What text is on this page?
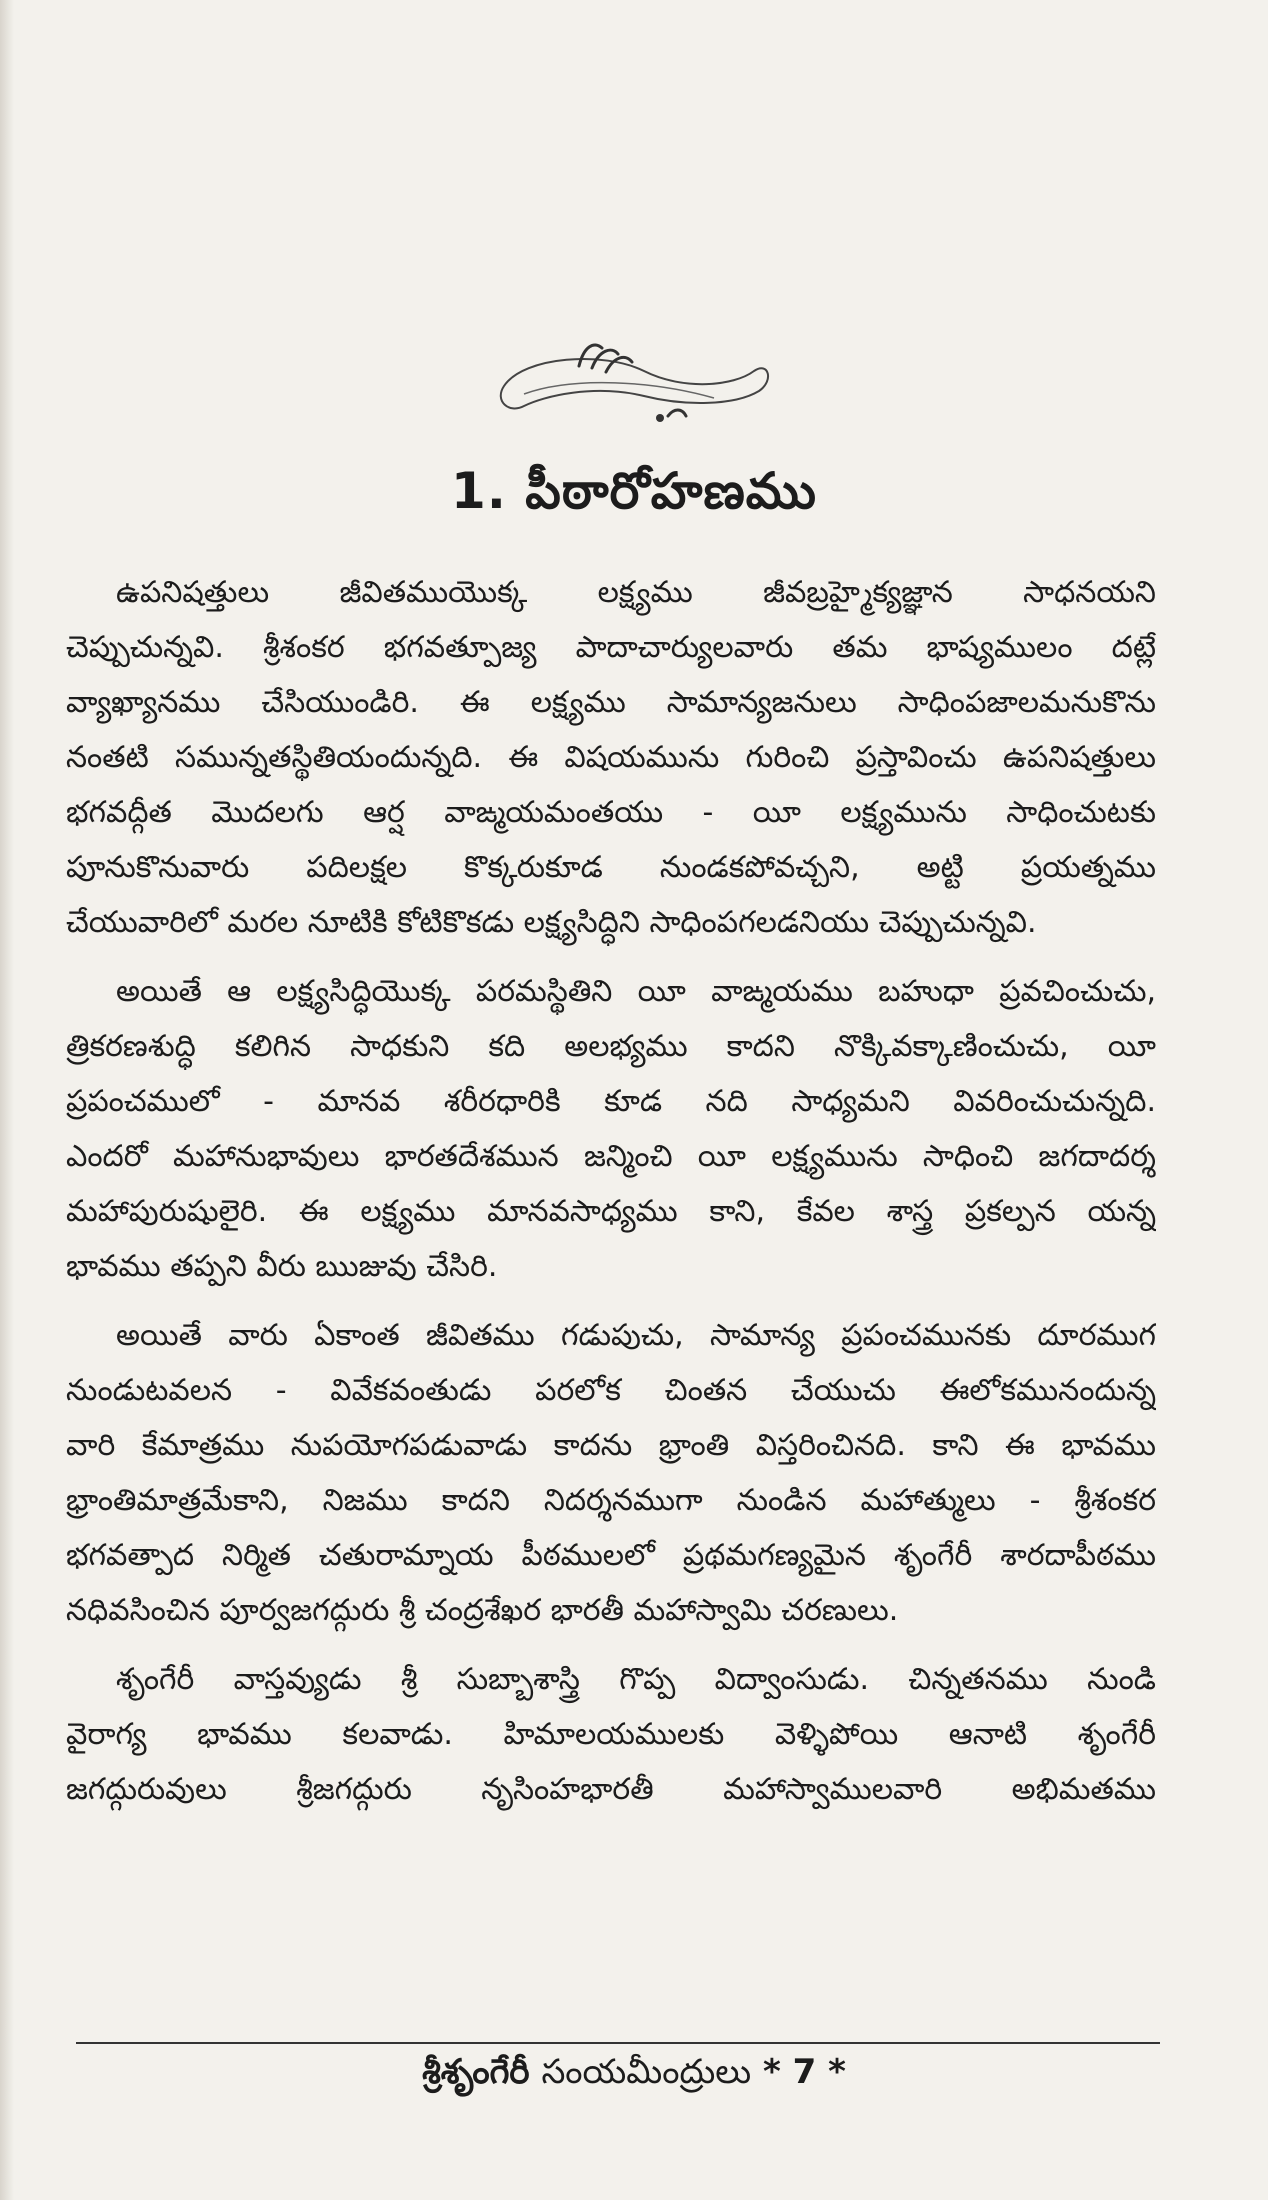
1. పీఠారోహణము
ఉపనిషత్తులు జీవితముయొక్క లక్ష్యము జీవబ్రహ్మైక్యజ్ఞాన సాధనయని
చెప్పుచున్నవి. శ్రీశంకర భగవత్పూజ్య పాదాచార్యులవారు తమ భాష్యములం దట్లే
వ్యాఖ్యానము చేసియుండిరి. ఈ లక్ష్యము సామాన్యజనులు సాధింపజాలమనుకొను
నంతటి సమున్నతస్థితియందున్నది. ఈ విషయమును గురించి ప్రస్తావించు ఉపనిషత్తులు
భగవద్గీత మొదలగు ఆర్ష వాఙ్మయమంతయు - యీ లక్ష్యమును సాధించుటకు
పూనుకొనువారు పదిలక్షల కొక్కరుకూడ నుండకపోవచ్చని, అట్టి ప్రయత్నము
చేయువారిలో మరల నూటికి కోటికొకడు లక్ష్యసిద్ధిని సాధింపగలడనియు చెప్పుచున్నవి.
అయితే ఆ లక్ష్యసిద్ధియొక్క పరమస్థితిని యీ వాఙ్మయము బహుధా ప్రవచించుచు,
త్రికరణశుద్ధి కలిగిన సాధకుని కది అలభ్యము కాదని నొక్కివక్కాణించుచు, యీ
ప్రపంచములో - మానవ శరీరధారికి కూడ నది సాధ్యమని వివరించుచున్నది.
ఎందరో మహానుభావులు భారతదేశమున జన్మించి యీ లక్ష్యమును సాధించి జగదాదర్శ
మహాపురుషులైరి. ఈ లక్ష్యము మానవసాధ్యము కాని, కేవల శాస్త్ర ప్రకల్పన యన్న
భావము తప్పని వీరు ఋజువు చేసిరి.
అయితే వారు ఏకాంత జీవితము గడుపుచు, సామాన్య ప్రపంచమునకు దూరముగ
నుండుటవలన - వివేకవంతుడు పరలోక చింతన చేయుచు ఈలోకమునందున్న
వారి కేమాత్రము నుపయోగపడువాడు కాదను భ్రాంతి విస్తరించినది. కాని ఈ భావము
భ్రాంతిమాత్రమేకాని, నిజము కాదని నిదర్శనముగా నుండిన మహాత్ములు - శ్రీశంకర
భగవత్పాద నిర్మిత చతురామ్నాయ పీఠములలో ప్రథమగణ్యమైన శృంగేరీ శారదాపీఠము
నధివసించిన పూర్వజగద్గురు శ్రీ చంద్రశేఖర భారతీ మహాస్వామి చరణులు.
శృంగేరీ వాస్తవ్యుడు శ్రీ సుబ్బాశాస్త్రి గొప్ప విద్వాంసుడు. చిన్నతనము నుండి
వైరాగ్య భావము కలవాడు. హిమాలయములకు వెళ్ళిపోయి ఆనాటి శృంగేరీ
జగద్గురువులు శ్రీజగద్గురు నృసింహభారతీ మహాస్వాములవారి అభిమతము
శ్రీశృంగేరీ సంయమీంద్రులు * 7 *
